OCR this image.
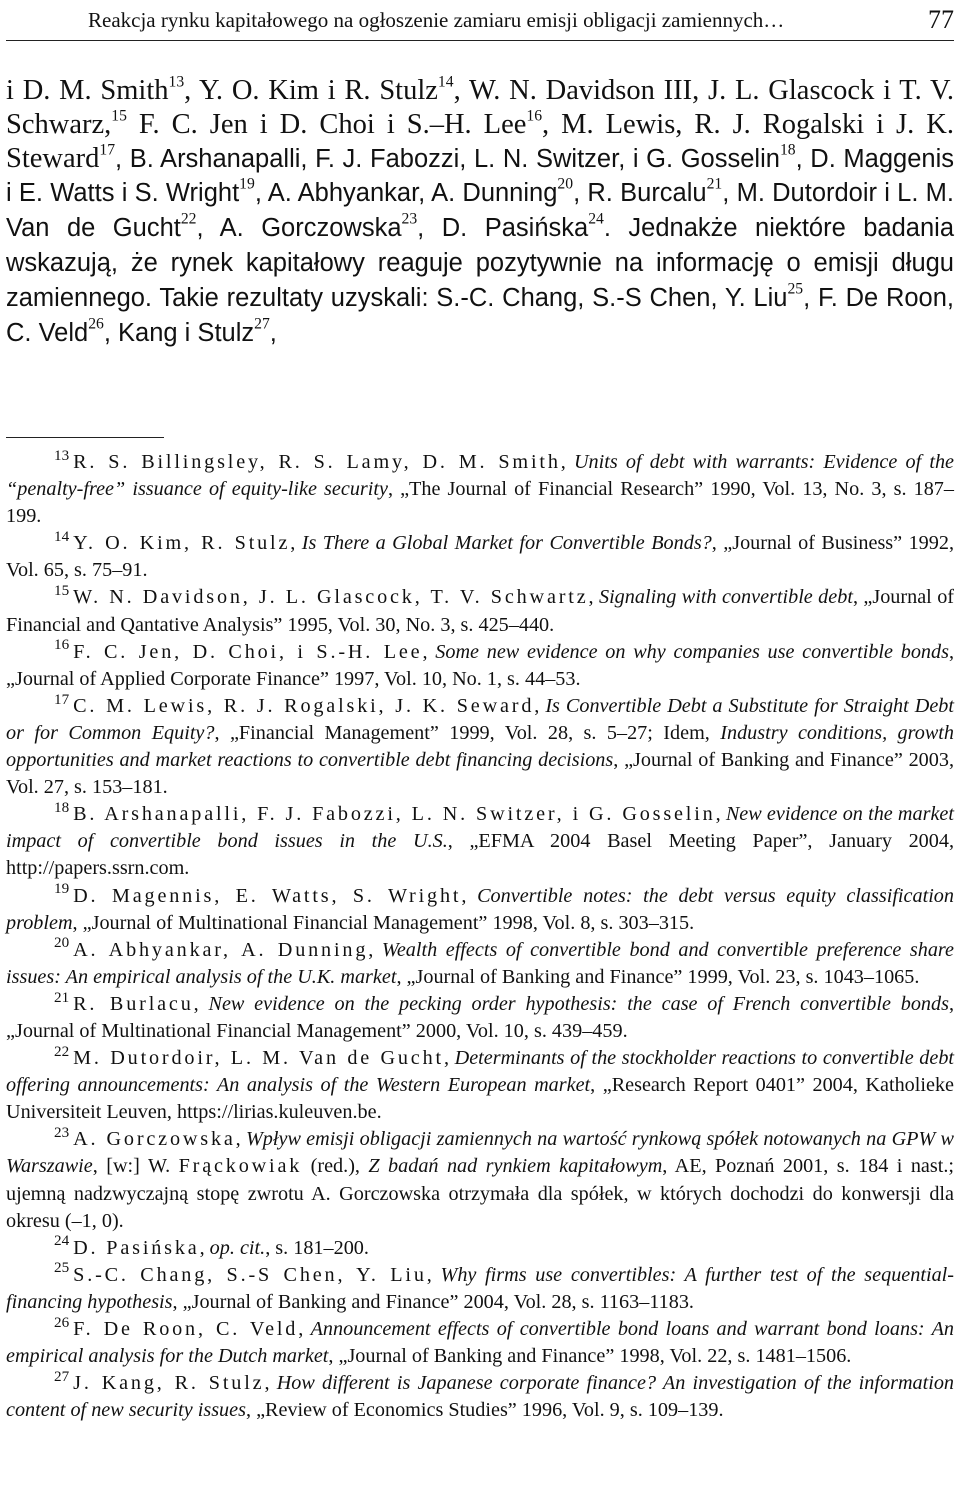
Reakcja rynku kapitałowego na ogłoszenie zamiaru emisji obligacji zamiennych…	77
i D. M. Smith$^{13}$, Y. O. Kim i R. Stulz$^{14}$, W. N. Davidson III, J. L. Glascock i T. V. Schwarz,$^{15}$ F. C. Jen i D. Choi i S.–H. Lee$^{16}$, M. Lewis, R. J. Rogalski i J. K. Steward$^{17}$, B. Arshanapalli, F. J. Fabozzi, L. N. Switzer, i G. Gosselin$^{18}$, D. Maggenis i E. Watts i S. Wright$^{19}$, A. Abhyankar, A. Dunning$^{20}$, R. Burcalu$^{21}$, M. Dutordoir i L. M. Van de Gucht$^{22}$, A. Gorczowska$^{23}$, D. Pasińska$^{24}$. Jednakże niektóre badania wskazują, że rynek kapitałowy reaguje pozytywnie na informację o emisji długu zamiennego. Takie rezultaty uzyskali: S.-C. Chang, S.-S Chen, Y. Liu$^{25}$, F. De Roon, C. Veld$^{26}$, Kang i Stulz$^{27}$,

$^{13}$ R. S. Billingsley, R. S. Lamy, D. M. Smith, Units of debt with warrants: Evidence of the “penalty-free” issuance of equity-like security, „The Journal of Financial Research” 1990, Vol. 13, No. 3, s. 187–199.

$^{14}$ Y. O. Kim, R. Stulz, Is There a Global Market for Convertible Bonds?, „Journal of Business” 1992, Vol. 65, s. 75–91.

$^{15}$ W. N. Davidson, J. L. Glascock, T. V. Schwartz, Signaling with convertible debt, „Journal of Financial and Qantative Analysis” 1995, Vol. 30, No. 3, s. 425–440.

$^{16}$ F. C. Jen, D. Choi, i S.-H. Lee, Some new evidence on why companies use convertible bonds, „Journal of Applied Corporate Finance” 1997, Vol. 10, No. 1, s. 44–53.

$^{17}$ C. M. Lewis, R. J. Rogalski, J. K. Seward, Is Convertible Debt a Substitute for Straight Debt or for Common Equity?, „Financial Management” 1999, Vol. 28, s. 5–27; Idem, Industry conditions, growth opportunities and market reactions to convertible debt financing decisions, „Journal of Banking and Finance” 2003, Vol. 27, s. 153–181.

$^{18}$ B. Arshanapalli, F. J. Fabozzi, L. N. Switzer, i G. Gosselin, New evidence on the market impact of convertible bond issues in the U.S., „EFMA 2004 Basel Meeting Paper”, January 2004, http://papers.ssrn.com.

$^{19}$ D. Magennis, E. Watts, S. Wright, Convertible notes: the debt versus equity classification problem, „Journal of Multinational Financial Management” 1998, Vol. 8, s. 303–315.

$^{20}$ A. Abhyankar, A. Dunning, Wealth effects of convertible bond and convertible preference share issues: An empirical analysis of the U.K. market, „Journal of Banking and Finance” 1999, Vol. 23, s. 1043–1065.

$^{21}$ R. Burlacu, New evidence on the pecking order hypothesis: the case of French convertible bonds, „Journal of Multinational Financial Management” 2000, Vol. 10, s. 439–459.

$^{22}$ M. Dutordoir, L. M. Van de Gucht, Determinants of the stockholder reactions to convertible debt offering announcements: An analysis of the Western European market, „Research Report 0401” 2004, Katholieke Universiteit Leuven, https://lirias.kuleuven.be.

$^{23}$ A. Gorczowska, Wpływ emisji obligacji zamiennych na wartość rynkową spółek notowanych na GPW w Warszawie, [w:] W. Frąckowiak (red.), Z badań nad rynkiem kapitałowym, AE, Poznań 2001, s. 184 i nast.; ujemną nadzwyczajną stopę zwrotu A. Gorczowska otrzymała dla spółek, w których dochodzi do konwersji dla okresu (–1, 0).

$^{24}$ D. Pasińska, op. cit., s. 181–200.

$^{25}$ S.-C. Chang, S.-S Chen, Y. Liu, Why firms use convertibles: A further test of the sequential-financing hypothesis, „Journal of Banking and Finance” 2004, Vol. 28, s. 1163–1183.

$^{26}$ F. De Roon, C. Veld, Announcement effects of convertible bond loans and warrant bond loans: An empirical analysis for the Dutch market, „Journal of Banking and Finance” 1998, Vol. 22, s. 1481–1506.

$^{27}$ J. Kang, R. Stulz, How different is Japanese corporate finance? An investigation of the information content of new security issues, „Review of Economics Studies” 1996, Vol. 9, s. 109–139.
